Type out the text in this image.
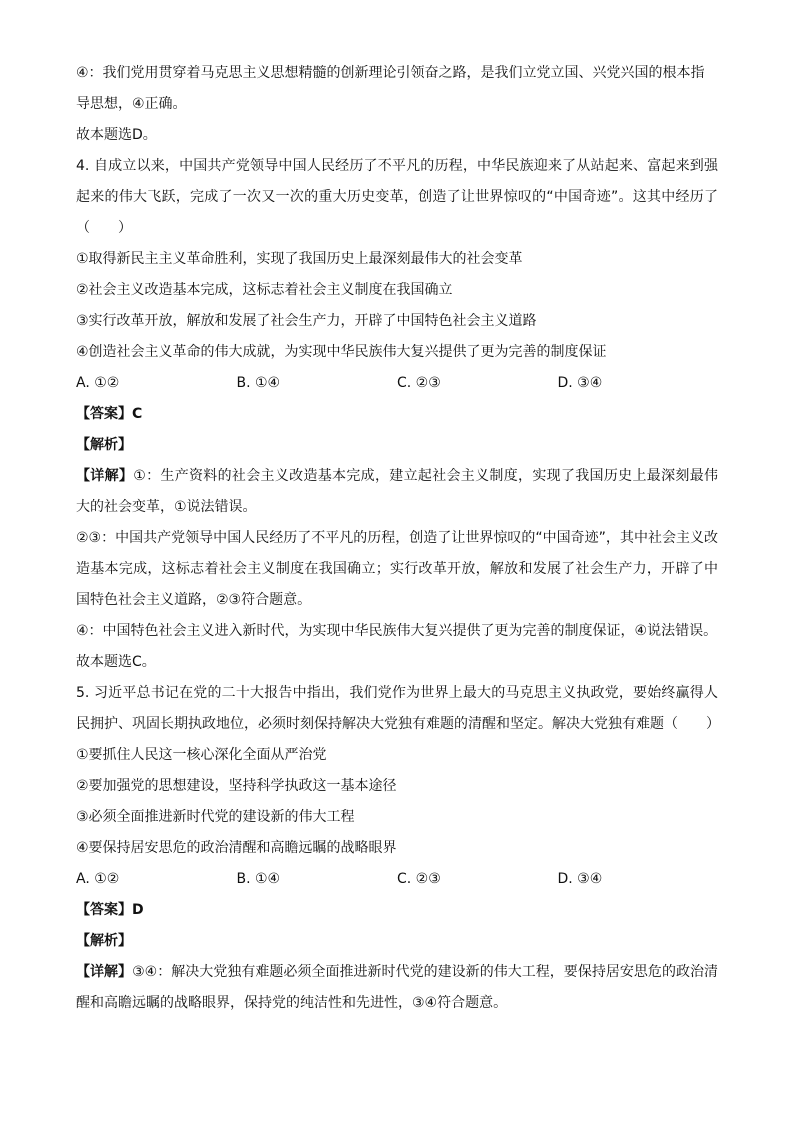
④：我们党用贯穿着马克思主义思想精髓的创新理论引领奋之路，是我们立党立国、兴党兴国的根本指
导思想，④正确。
故本题选D。
4. 自成立以来，中国共产党领导中国人民经历了不平凡的历程，中华民族迎来了从站起来、富起来到强起来的伟大飞跃，完成了一次又一次的重大历史变革，创造了让世界惊叹的“中国奇迹”。这其中经历了（　　）
①取得新民主主义革命胜利，实现了我国历史上最深刻最伟大的社会变革
②社会主义改造基本完成，这标志着社会主义制度在我国确立
③实行改革开放，解放和发展了社会生产力，开辟了中国特色社会主义道路
④创造社会主义革命的伟大成就，为实现中华民族伟大复兴提供了更为完善的制度保证
A. ①②	B. ①④	C. ②③	D. ③④
【答案】C
【解析】
【详解】①：生产资料的社会主义改造基本完成，建立起社会主义制度，实现了我国历史上最深刻最伟大的社会变革，①说法错误。
②③：中国共产党领导中国人民经历了不平凡的历程，创造了让世界惊叹的“中国奇迹”，其中社会主义改造基本完成，这标志着社会主义制度在我国确立；实行改革开放，解放和发展了社会生产力，开辟了中国特色社会主义道路，②③符合题意。
④：中国特色社会主义进入新时代，为实现中华民族伟大复兴提供了更为完善的制度保证，④说法错误。
故本题选C。
5. 习近平总书记在党的二十大报告中指出，我们党作为世界上最大的马克思主义执政党，要始终赢得人民拥护、巩固长期执政地位，必须时刻保持解决大党独有难题的清醒和坚定。解决大党独有难题（　　）
①要抓住人民这一核心深化全面从严治党
②要加强党的思想建设，坚持科学执政这一基本途径
③必须全面推进新时代党的建设新的伟大工程
④要保持居安思危的政治清醒和高瞻远瞩的战略眼界
A. ①②	B. ①④	C. ②③	D. ③④
【答案】D
【解析】
【详解】③④：解决大党独有难题必须全面推进新时代党的建设新的伟大工程，要保持居安思危的政治清醒和高瞻远瞩的战略眼界，保持党的纯洁性和先进性，③④符合题意。
